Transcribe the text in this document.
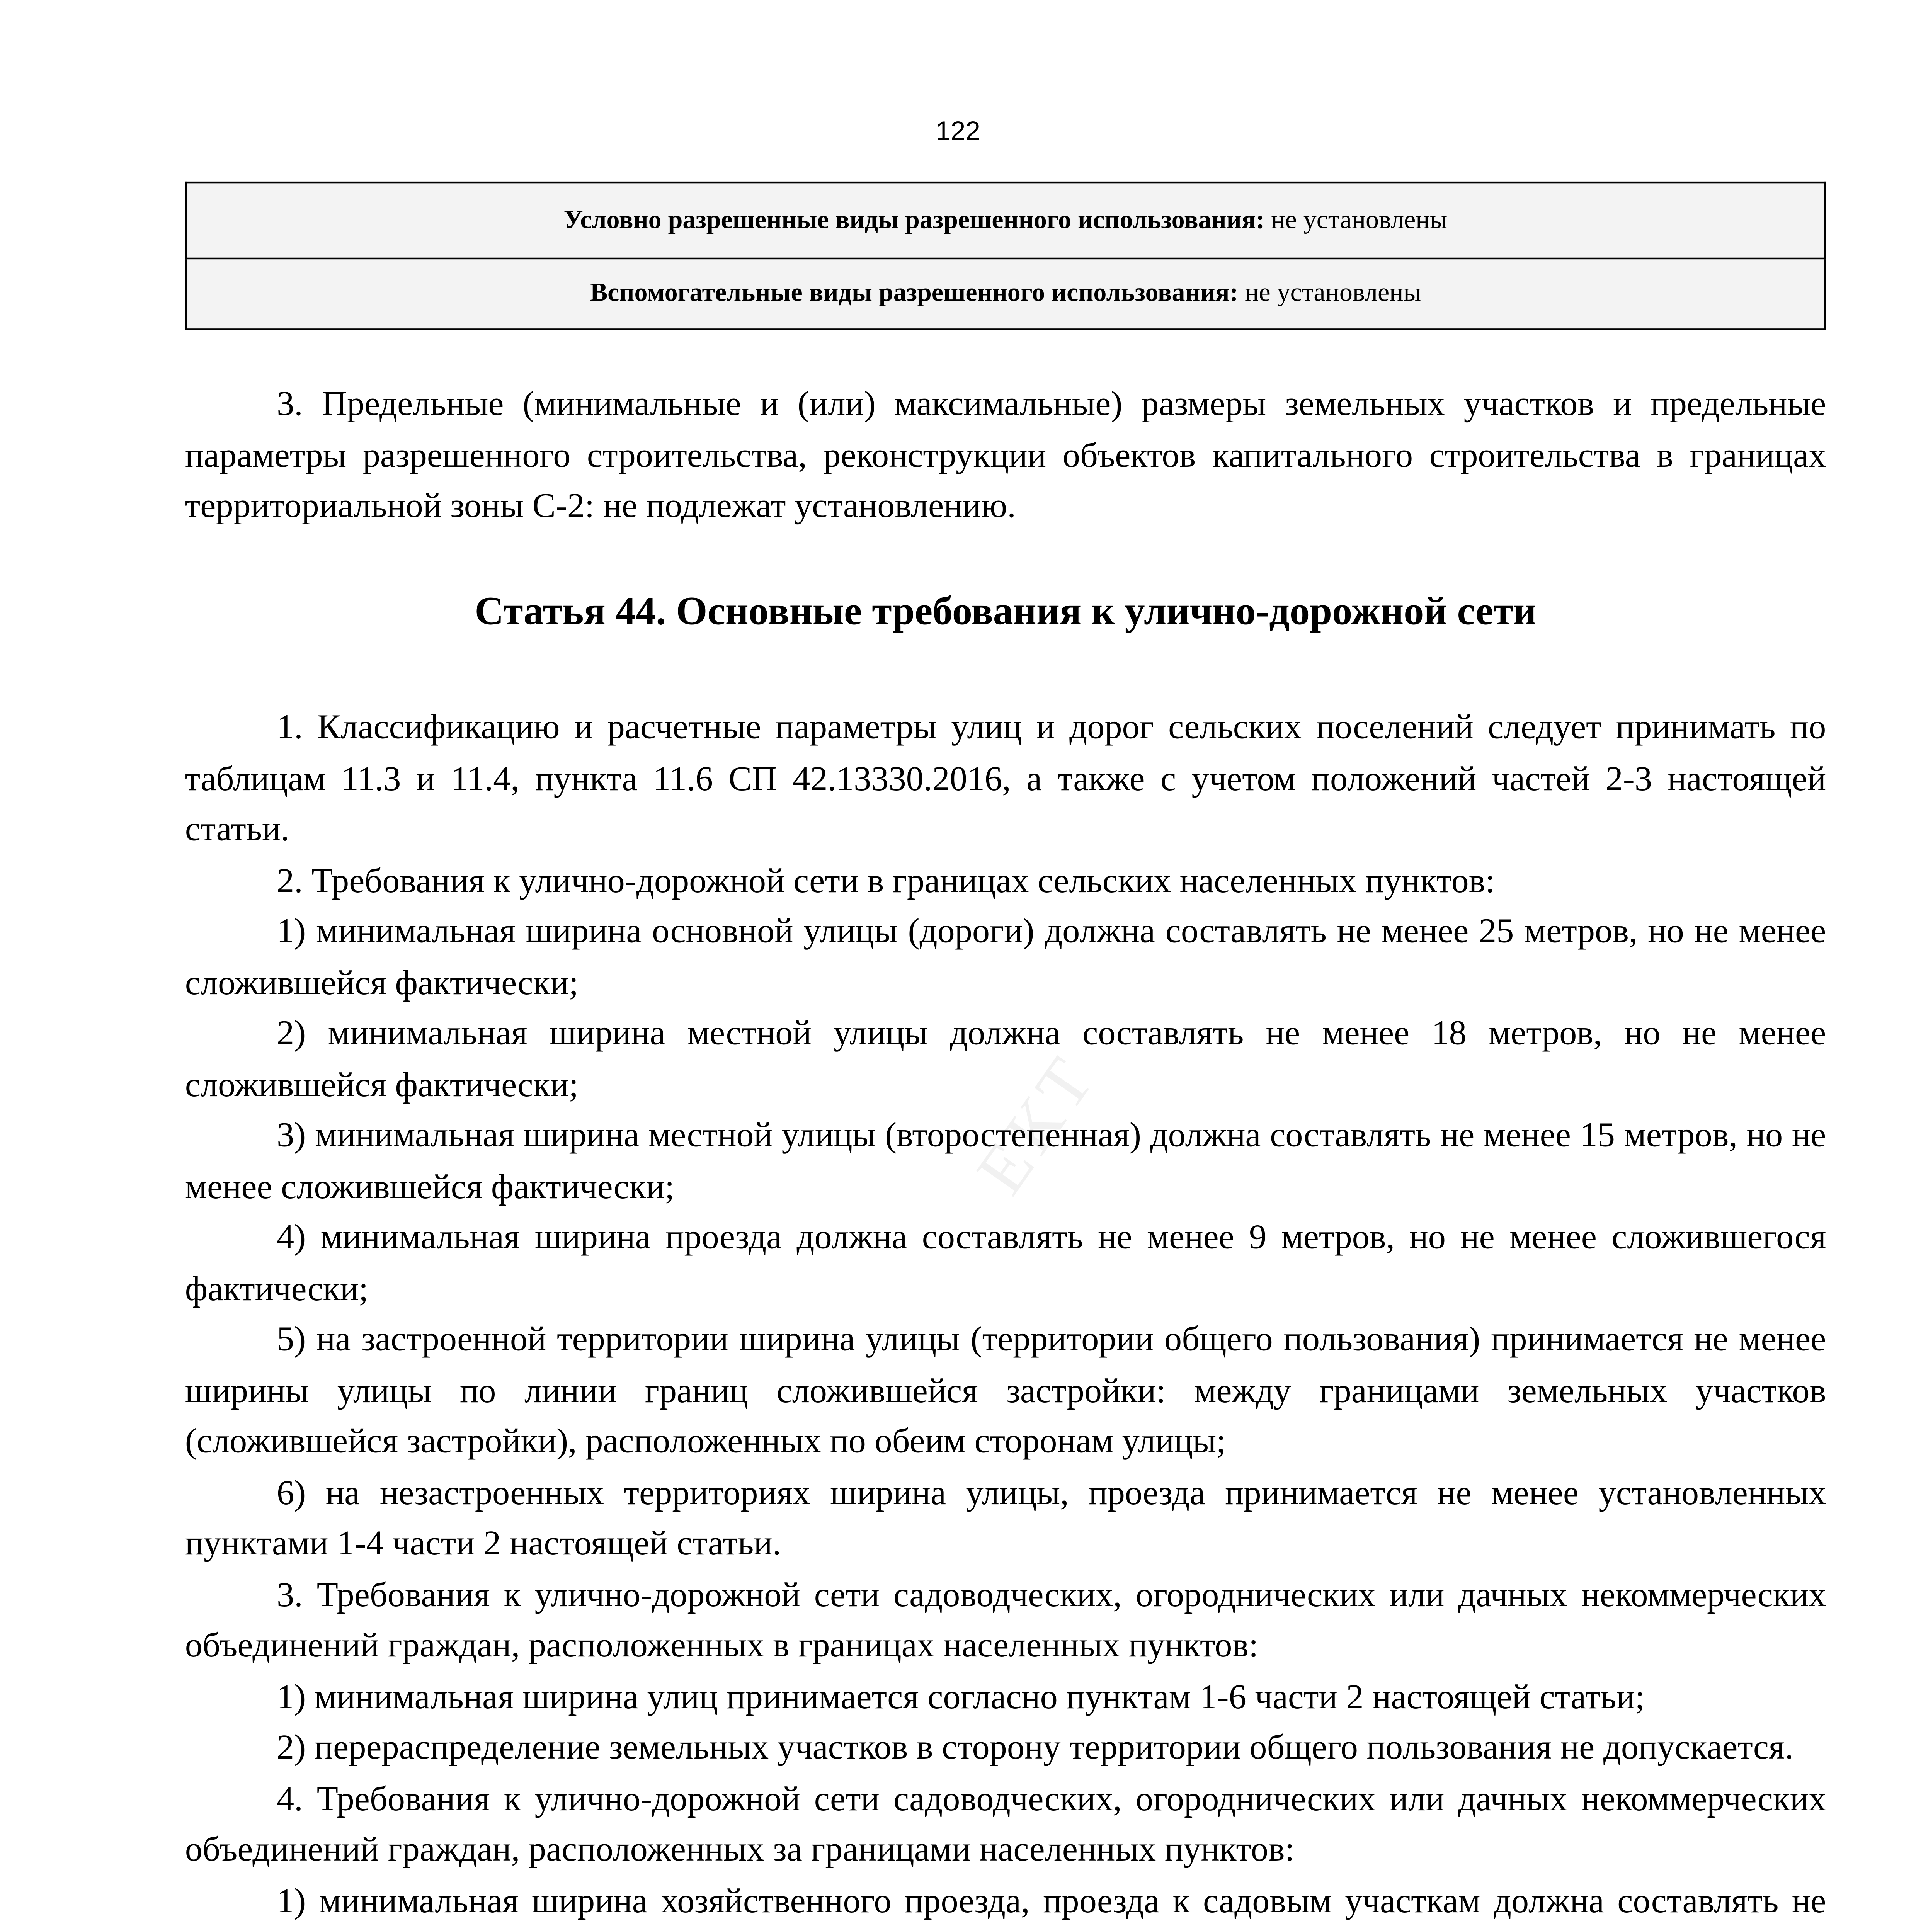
122
Условно разрешенные виды разрешенного использования: не установлены
Вспомогательные виды разрешенного использования: не установлены

3. Предельные (минимальные и (или) максимальные) размеры земельных участков и предельные параметры разрешенного строительства, реконструкции объектов капитального строительства в границах территориальной зоны С-2: не подлежат установлению.

Статья 44. Основные требования к улично-дорожной сети
ЕКТ

1. Классификацию и расчетные параметры улиц и дорог сельских поселений следует принимать по таблицам 11.3 и 11.4, пункта 11.6 СП 42.13330.2016, а также с учетом положений частей 2-3 настоящей статьи.

2. Требования к улично-дорожной сети в границах сельских населенных пунктов:

1) минимальная ширина основной улицы (дороги) должна составлять не менее 25 метров, но не менее сложившейся фактически;

2) минимальная ширина местной улицы должна составлять не менее 18 метров, но не менее сложившейся фактически;

3) минимальная ширина местной улицы (второстепенная) должна составлять не менее 15 метров, но не менее сложившейся фактически;

4) минимальная ширина проезда должна составлять не менее 9 метров, но не менее сложившегося фактически;

5) на застроенной территории ширина улицы (территории общего пользования) принимается не менее ширины улицы по линии границ сложившейся застройки: между границами земельных участков (сложившейся застройки), расположенных по обеим сторонам улицы;

6) на незастроенных территориях ширина улицы, проезда принимается не менее установленных пунктами 1-4 части 2 настоящей статьи.

3. Требования к улично-дорожной сети садоводческих, огороднических или дачных некоммерческих объединений граждан, расположенных в границах населенных пунктов:

1) минимальная ширина улиц принимается согласно пунктам 1-6 части 2 настоящей статьи;

2) перераспределение земельных участков в сторону территории общего пользования не допускается.

4. Требования к улично-дорожной сети садоводческих, огороднических или дачных некоммерческих объединений граждан, расположенных за границами населенных пунктов:

1) минимальная ширина хозяйственного проезда, проезда к садовым участкам должна составлять не
